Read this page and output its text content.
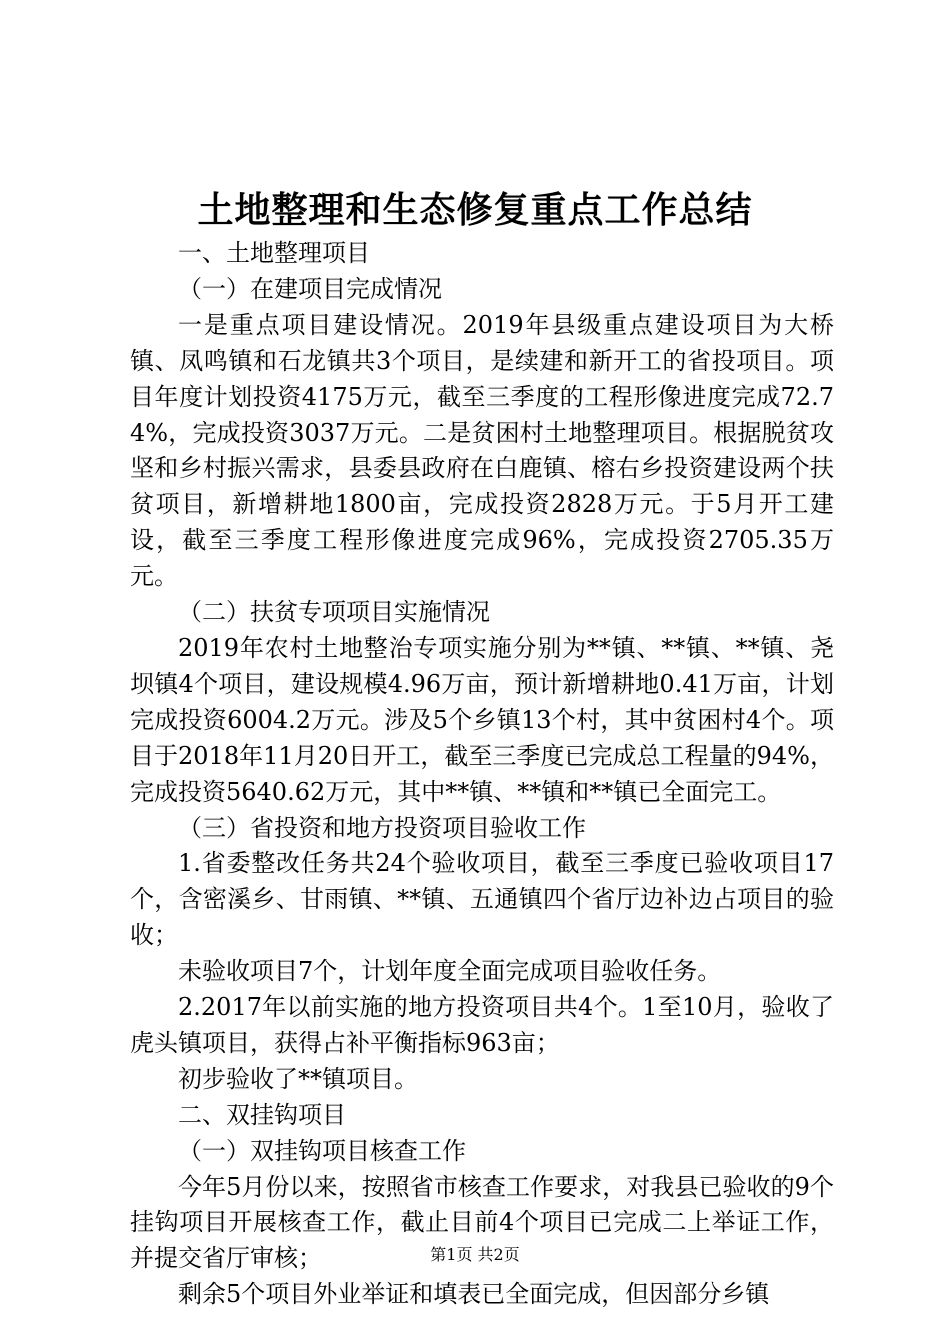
土地整理和生态修复重点工作总结

一、土地整理项目

（一）在建项目完成情况

一是重点项目建设情况。2019年县级重点建设项目为大桥镇、凤鸣镇和石龙镇共3个项目，是续建和新开工的省投项目。项目年度计划投资4175万元，截至三季度的工程形像进度完成72.74%，完成投资3037万元。二是贫困村土地整理项目。根据脱贫攻坚和乡村振兴需求，县委县政府在白鹿镇、榕右乡投资建设两个扶贫项目，新增耕地1800亩，完成投资2828万元。于5月开工建设，截至三季度工程形像进度完成96%，完成投资2705.35万元。

（二）扶贫专项项目实施情况

2019年农村土地整治专项实施分别为**镇、**镇、**镇、尧坝镇4个项目，建设规模4.96万亩，预计新增耕地0.41万亩，计划完成投资6004.2万元。涉及5个乡镇13个村，其中贫困村4个。项目于2018年11月20日开工，截至三季度已完成总工程量的94%，完成投资5640.62万元，其中**镇、**镇和**镇已全面完工。

（三）省投资和地方投资项目验收工作

1.省委整改任务共24个验收项目，截至三季度已验收项目17个，含密溪乡、甘雨镇、**镇、五通镇四个省厅边补边占项目的验收；

未验收项目7个，计划年度全面完成项目验收任务。

2.2017年以前实施的地方投资项目共4个。1至10月，验收了虎头镇项目，获得占补平衡指标963亩；

初步验收了**镇项目。

二、双挂钩项目

（一）双挂钩项目核查工作

今年5月份以来，按照省市核查工作要求，对我县已验收的9个挂钩项目开展核查工作，截止目前4个项目已完成二上举证工作，并提交省厅审核；

剩余5个项目外业举证和填表已全面完成，但因部分乡镇

第1页 共2页
